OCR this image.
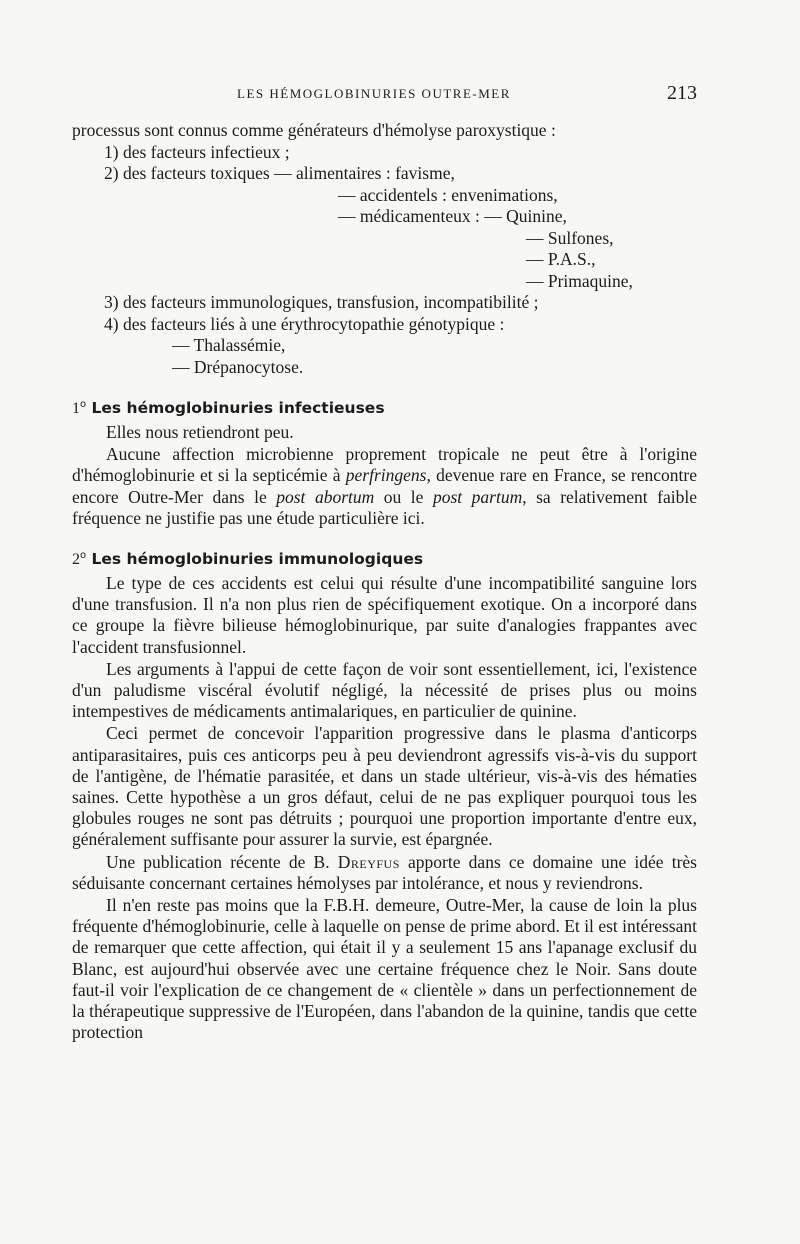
LES HÉMOGLOBINURIES OUTRE-MER	213
processus sont connus comme générateurs d'hémolyse paroxystique :
1) des facteurs infectieux ;
2) des facteurs toxiques — alimentaires : favisme,
— accidentels : envenimations,
— médicamenteux : — Quinine,
— Sulfones,
— P.A.S.,
— Primaquine,
3) des facteurs immunologiques, transfusion, incompatibilité ;
4) des facteurs liés à une érythrocytopathie génotypique :
— Thalassémie,
— Drépanocytose.
1$^o$ Les hémoglobinuries infectieuses

Elles nous retiendront peu.

Aucune affection microbienne proprement tropicale ne peut être à l'origine d'hémoglobinurie et si la septicémie à perfringens, devenue rare en France, se rencontre encore Outre-Mer dans le post abortum ou le post partum, sa relativement faible fréquence ne justifie pas une étude particulière ici.

2$^o$ Les hémoglobinuries immunologiques

Le type de ces accidents est celui qui résulte d'une incompatibilité sanguine lors d'une transfusion. Il n'a non plus rien de spécifiquement exotique. On a incorporé dans ce groupe la fièvre bilieuse hémoglobinurique, par suite d'analogies frappantes avec l'accident transfusionnel.

Les arguments à l'appui de cette façon de voir sont essentiellement, ici, l'existence d'un paludisme viscéral évolutif négligé, la nécessité de prises plus ou moins intempestives de médicaments antimalariques, en particulier de quinine.

Ceci permet de concevoir l'apparition progressive dans le plasma d'anticorps antiparasitaires, puis ces anticorps peu à peu deviendront agressifs vis-à-vis du support de l'antigène, de l'hématie parasitée, et dans un stade ultérieur, vis-à-vis des hématies saines. Cette hypothèse a un gros défaut, celui de ne pas expliquer pourquoi tous les globules rouges ne sont pas détruits ; pourquoi une proportion importante d'entre eux, généralement suffisante pour assurer la survie, est épargnée.

Une publication récente de B. Dreyfus apporte dans ce domaine une idée très séduisante concernant certaines hémolyses par intolérance, et nous y reviendrons.

Il n'en reste pas moins que la F.B.H. demeure, Outre-Mer, la cause de loin la plus fréquente d'hémoglobinurie, celle à laquelle on pense de prime abord. Et il est intéressant de remarquer que cette affection, qui était il y a seulement 15 ans l'apanage exclusif du Blanc, est aujourd'hui observée avec une certaine fréquence chez le Noir. Sans doute faut-il voir l'explication de ce changement de « clientèle » dans un perfectionnement de la thérapeutique suppressive de l'Européen, dans l'abandon de la quinine, tandis que cette protection
